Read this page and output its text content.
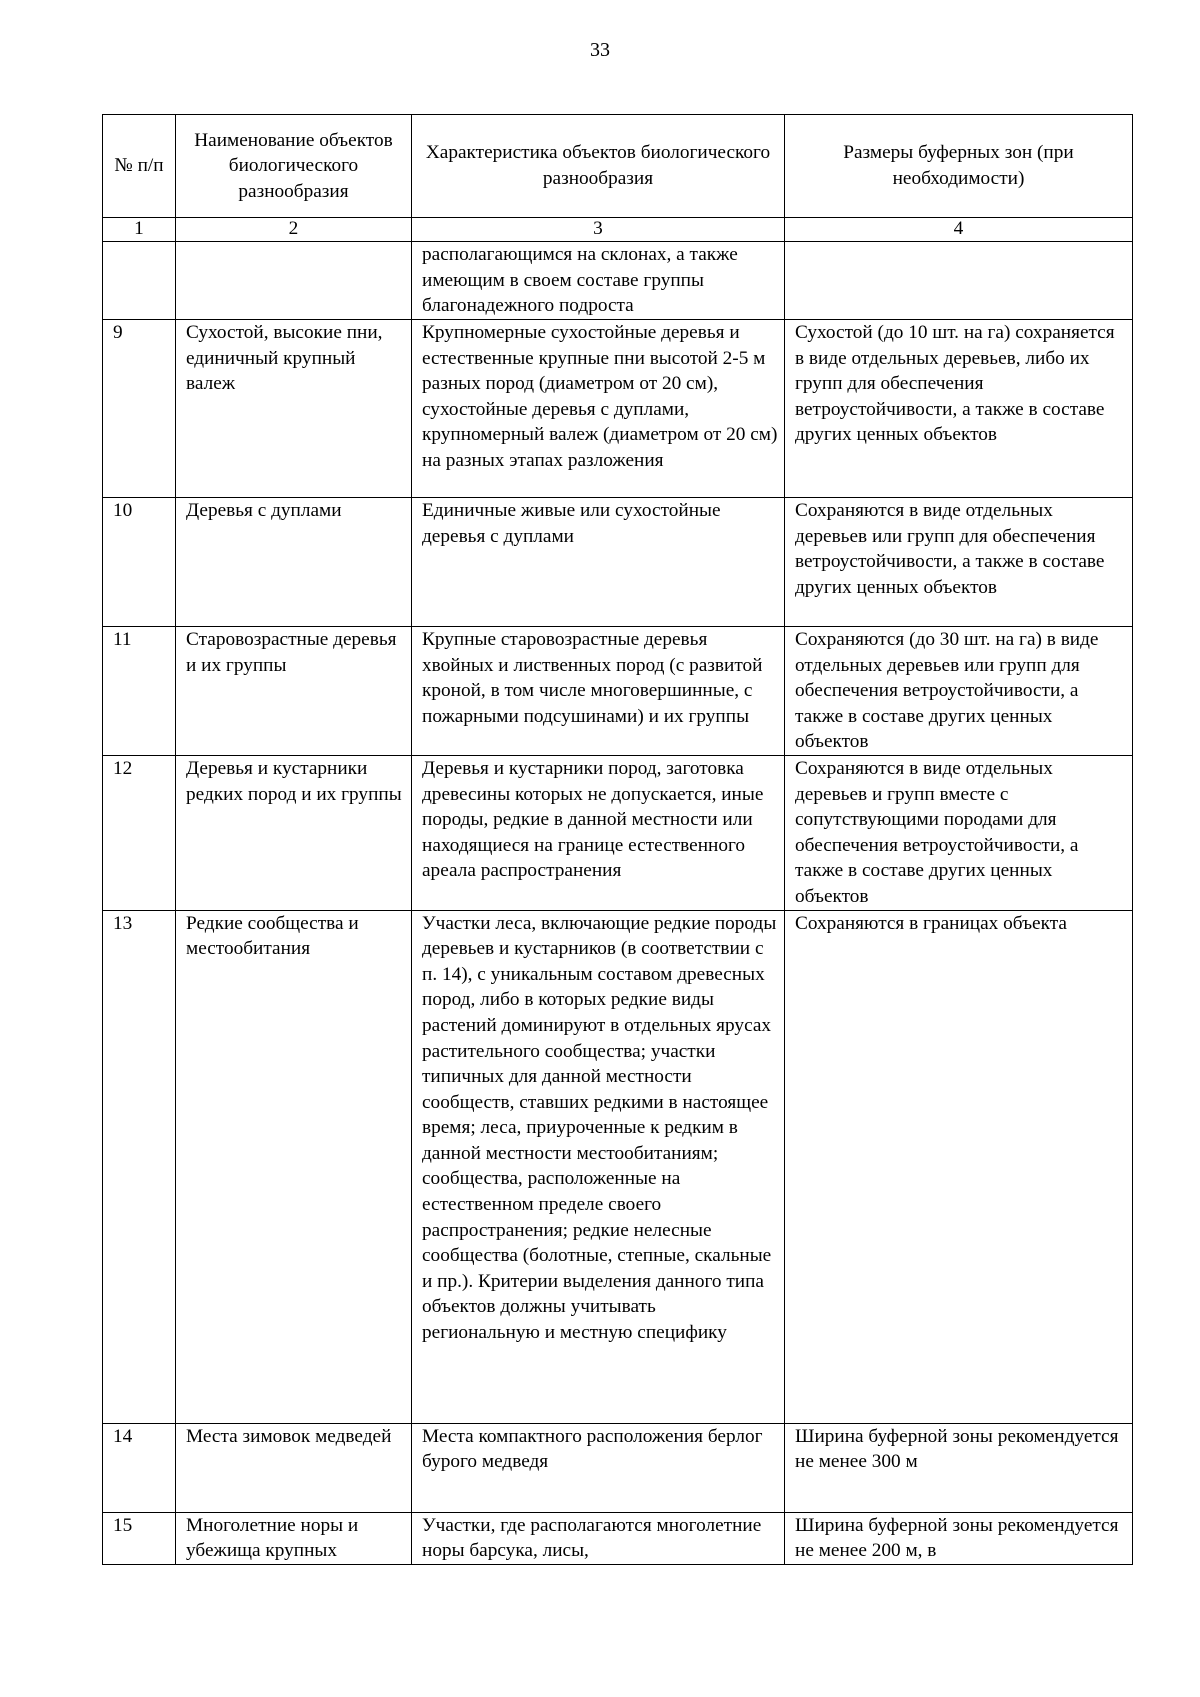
33
№ п/п	Наименование объектов биологического разнообразия	Характеристика объектов биологического разнообразия	Размеры буферных зон (при необходимости)
1	2	3	4
		располагающимся на склонах, а также имеющим в своем составе группы благонадежного подроста	
9	Сухостой, высокие пни, единичный крупный валеж	Крупномерные сухостойные деревья и естественные крупные пни высотой 2-5 м разных пород (диаметром от 20 см), сухостойные деревья с дуплами, крупномерный валеж (диаметром от 20 см) на разных этапах разложения	Сухостой (до 10 шт. на га) сохраняется в виде отдельных деревьев, либо их групп для обеспечения ветроустойчивости, а также в составе других ценных объектов
10	Деревья с дуплами	Единичные живые или сухостойные деревья с дуплами	Сохраняются в виде отдельных деревьев или групп для обеспечения ветроустойчивости, а также в составе других ценных объектов
11	Старовозрастные деревья и их группы	Крупные старовозрастные деревья хвойных и лиственных пород (с развитой кроной, в том числе многовершинные, с пожарными подсушинами) и их группы	Сохраняются (до 30 шт. на га) в виде отдельных деревьев или групп для обеспечения ветроустойчивости, а также в составе других ценных объектов
12	Деревья и кустарники редких пород и их группы	Деревья и кустарники пород, заготовка древесины которых не допускается, иные породы, редкие в данной местности или находящиеся на границе естественного ареала распространения	Сохраняются в виде отдельных деревьев и групп вместе с сопутствующими породами для обеспечения ветроустойчивости, а также в составе других ценных объектов
13	Редкие сообщества и местообитания	Участки леса, включающие редкие породы деревьев и кустарников (в соответствии с п. 14), с уникальным составом древесных пород, либо в которых редкие виды растений доминируют в отдельных ярусах растительного сообщества; участки типичных для данной местности сообществ, ставших редкими в настоящее время; леса, приуроченные к редким в данной местности местообитаниям; сообщества, расположенные на естественном пределе своего распространения; редкие нелесные сообщества (болотные, степные, скальные и пр.). Критерии выделения данного типа объектов должны учитывать региональную и местную специфику	Сохраняются в границах объекта
14	Места зимовок медведей	Места компактного расположения берлог бурого медведя	Ширина буферной зоны рекомендуется не менее 300 м
15	Многолетние норы и убежища крупных	Участки, где располагаются многолетние норы барсука, лисы,	Ширина буферной зоны рекомендуется не менее 200 м, в
